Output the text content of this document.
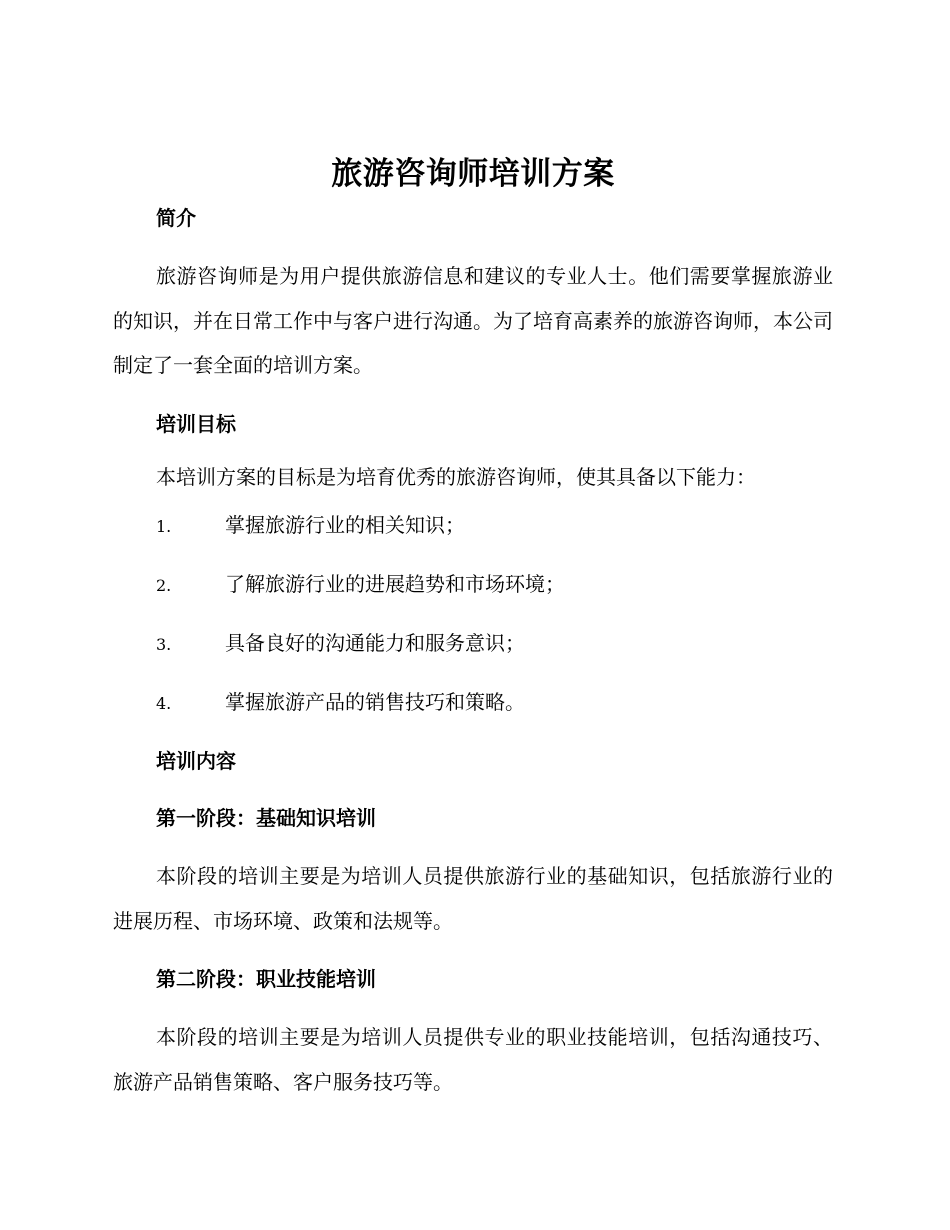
旅游咨询师培训方案
简介

旅游咨询师是为用户提供旅游信息和建议的专业人士。他们需要掌握旅游业的知识，并在日常工作中与客户进行沟通。为了培育高素养的旅游咨询师，本公司制定了一套全面的培训方案。

培训目标

本培训方案的目标是为培育优秀的旅游咨询师，使其具备以下能力：

1.	掌握旅游行业的相关知识；
2.	了解旅游行业的进展趋势和市场环境；
3.	具备良好的沟通能力和服务意识；
4.	掌握旅游产品的销售技巧和策略。
培训内容
第一阶段：基础知识培训

本阶段的培训主要是为培训人员提供旅游行业的基础知识，包括旅游行业的进展历程、市场环境、政策和法规等。

第二阶段：职业技能培训

本阶段的培训主要是为培训人员提供专业的职业技能培训，包括沟通技巧、旅游产品销售策略、客户服务技巧等。
